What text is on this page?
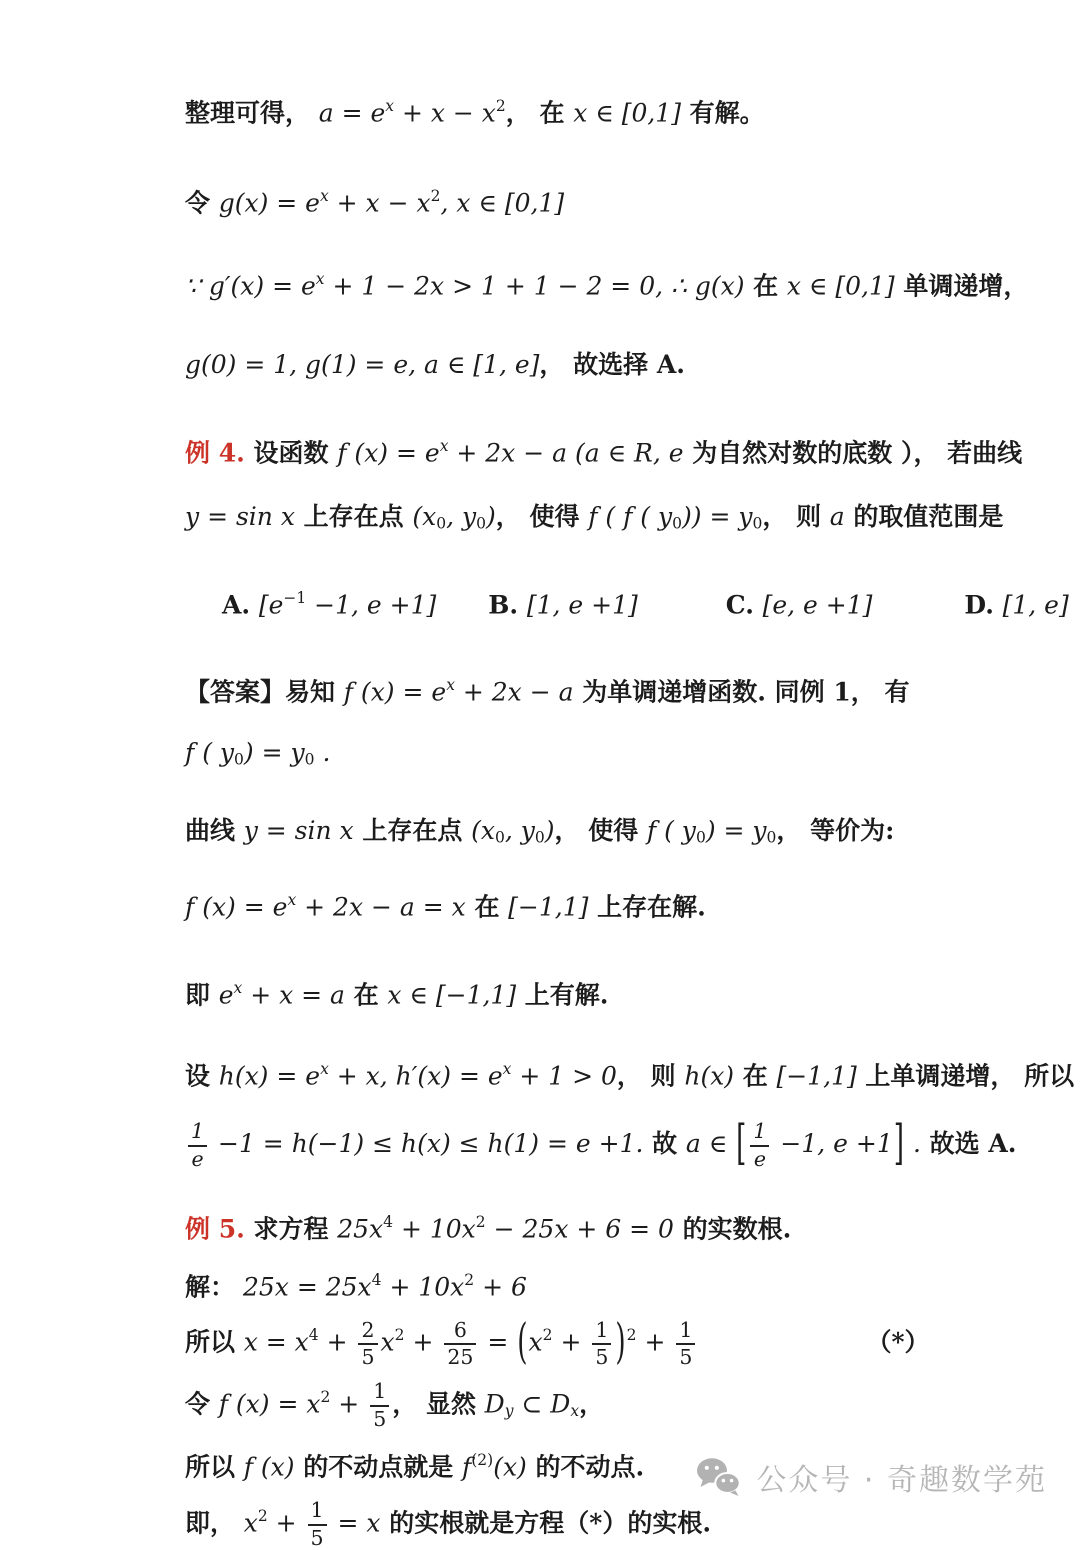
整理可得， $a = e^x + x - x^2$， 在 x ∈ [0,1] 有解。
令 $g(x) = e^x + x - x^2$, x ∈ [0,1]
∵ $g'(x) = e^x + 1 - 2x > 1 + 1 - 2 = 0$, ∴ g(x) 在 x ∈ [0,1] 单调递增，
g(0) = 1, g(1) = e, a ∈ [1, e]， 故选择 A.
例 4. 设函数 f $(x) = e^x + 2x - a$ (a ∈ R, e 为自然对数的底数 ）， 若曲线
y = sin x 上存在点 ($x_0$, $y_0$)， 使得 f ( f ( $y_0)) = y_0$， 则 a 的取值范围是
A. [$e^{-1} -1$, e +1] B. [1, e +1]	C. [e, e +1]	D. [1, e]
【答案】易知 f $(x) = e^x + 2x - a$ 为单调递增函数. 同例 1， 有
f ( $y_0) = y_0$ .
曲线 y = sin x 上存在点 ($x_0$, $y_0$)， 使得 f ( $y_0) = y_0$， 等价为:
f $(x) = e^x + 2x - a = x$ 在 [−1,1] 上存在解.
即 $e^x + x = a$ 在 x ∈ [−1,1] 上有解.
设 $h(x) = e^x + x$, $h'(x) = e^x + 1 > 0$， 则 h(x) 在 [−1,1] 上单调递增， 所以
$\frac{1}{e} -1 = h(-1) \le h(x) \le h(1) = e +1$. 故 a ∈ [ $\frac{1}{e} -1$, e +1] . 故选 A.
例 5. 求方程 $25x^4 + 10x^2 - 25x + 6 = 0$ 的实数根.
解： $25x = 25x^4 + 10x^2 + 6$
所以 $x = x^4 + \frac{2}{5} x^2 + \frac{6}{25} = (x^2 + \frac{1}{5} )^2 + \frac{1}{5}$	（*）
令 f $(x) = x^2 + \frac{1}{5}$ ， 显然 $D_y$ ⊂ $D_x$，
所以 f (x) 的不动点就是 $f^{(2)}(x)$ 的不动点.
即， $x^2 + \frac{1}{5} = x$ 的实根就是方程（*）的实根.
公众号 · 奇趣数学苑
